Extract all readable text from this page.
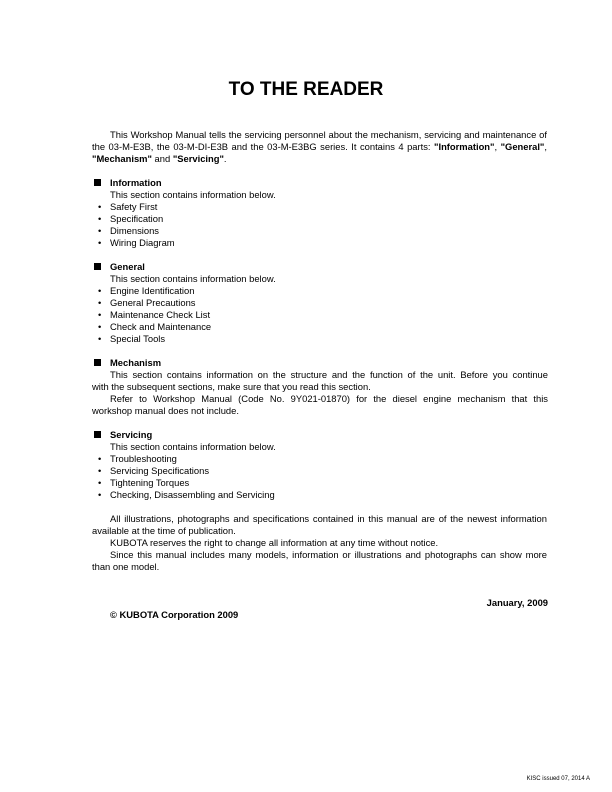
TO THE READER

This Workshop Manual tells the servicing personnel about the mechanism, servicing and maintenance of the 03-M-E3B, the 03-M-DI-E3B and the 03-M-E3BG series. It contains 4 parts: "Information", "General", "Mechanism" and "Servicing".

Information
This section contains information below.
• Safety First
• Specification
• Dimensions
• Wiring Diagram
General
This section contains information below.
• Engine Identification
• General Precautions
• Maintenance Check List
• Check and Maintenance
• Special Tools
Mechanism
This section contains information on the structure and the function of the unit. Before you continue
with the subsequent sections, make sure that you read this section.
Refer to Workshop Manual (Code No. 9Y021-01870) for the diesel engine mechanism that this
workshop manual does not include.
Servicing
This section contains information below.
• Troubleshooting
• Servicing Specifications
• Tightening Torques
• Checking, Disassembling and Servicing

All illustrations, photographs and specifications contained in this manual are of the newest information available at the time of publication.

KUBOTA reserves the right to change all information at any time without notice.

Since this manual includes many models, information or illustrations and photographs can show more than one model.

January, 2009
© KUBOTA Corporation 2009
KISC issued 07, 2014 A
